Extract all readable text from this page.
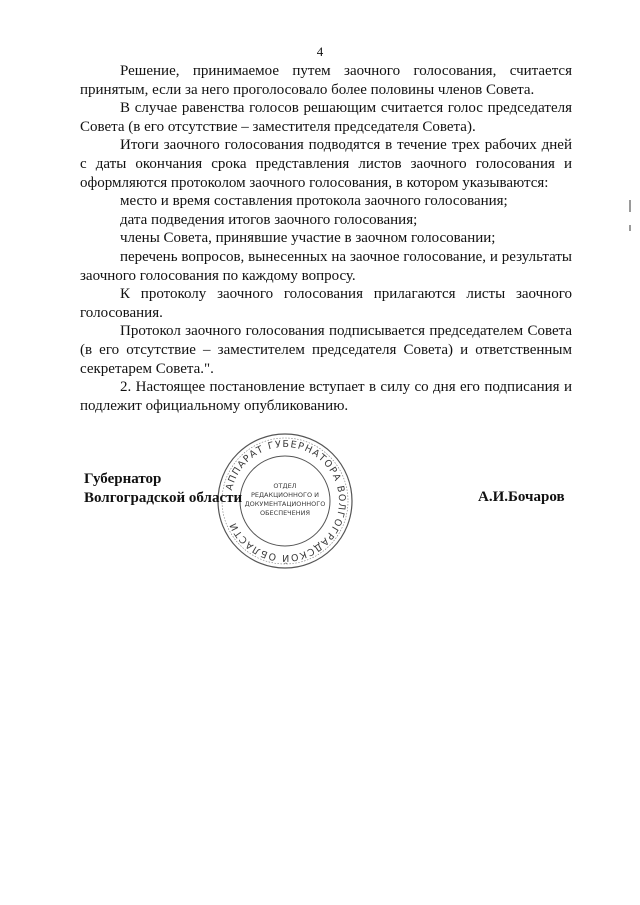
4

Решение, принимаемое путем заочного голосования, считается принятым, если за него проголосовало более половины членов Совета.

В случае равенства голосов решающим считается голос председателя Совета (в его отсутствие – заместителя председателя Совета).

Итоги заочного голосования подводятся в течение трех рабочих дней с даты окончания срока представления листов заочного голосования и оформляются протоколом заочного голосования, в котором указываются:

место и время составления протокола заочного голосования;

дата подведения итогов заочного голосования;

члены Совета, принявшие участие в заочном голосовании;

перечень вопросов, вынесенных на заочное голосование, и результаты заочного голосования по каждому вопросу.

К протоколу заочного голосования прилагаются листы заочного голосования.

Протокол заочного голосования подписывается председателем Совета (в его отсутствие – заместителем председателя Совета) и ответственным секретарем Совета.".

2. Настоящее постановление вступает в силу со дня его подписания и подлежит официальному опубликованию.

АППАРАТ ГУБЕРНАТОРА ВОЛГОГРАДСКОЙ ОБЛАСТИ
ОТДЕЛ
РЕДАКЦИОННОГО И
ДОКУМЕНТАЦИОННОГО
ОБЕСПЕЧЕНИЯ
Губернатор
Волгоградской области	А.И.Бочаров
